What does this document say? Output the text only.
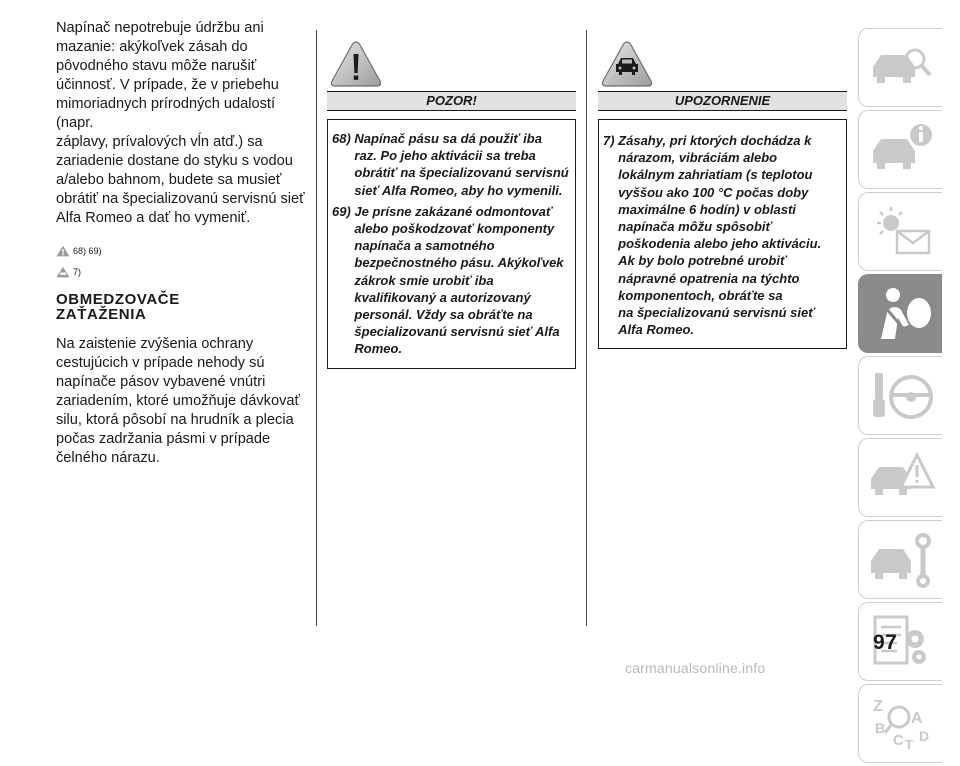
Napínač nepotrebuje údržbu ani
mazanie: akýkoľvek zásah do
pôvodného stavu môže narušiť
účinnosť. V prípade, že v priebehu
mimoriadnych prírodných udalostí (napr.
záplavy, prívalových vĺn atď.) sa
zariadenie dostane do styku s vodou
a/alebo bahnom, budete sa musieť
obrátiť na špecializovanú servisnú sieť
Alfa Romeo a dať ho vymeniť.

68) 69)
7)
OBMEDZOVAČE
ZAŤAŽENIA

Na zaistenie zvýšenia ochrany
cestujúcich v prípade nehody sú
napínače pásov vybavené vnútri
zariadením, ktoré umožňuje dávkovať
silu, ktorá pôsobí na hrudník a plecia
počas zadržania pásmi v prípade
čelného nárazu.

POZOR!
68) Napínač pásu sa dá použiť iba
raz. Po jeho aktivácii sa treba
obrátiť na špecializovanú servisnú
sieť Alfa Romeo, aby ho vymenili.
69) Je prísne zakázané odmontovať
alebo poškodzovať komponenty
napínača a samotného
bezpečnostného pásu. Akýkoľvek
zákrok smie urobiť iba
kvalifikovaný a autorizovaný
personál. Vždy sa obráťte na
špecializovanú servisnú sieť Alfa
Romeo.
UPOZORNENIE
7) Zásahy, pri ktorých dochádza k
nárazom, vibráciám alebo
lokálnym zahriatiam (s teplotou
vyššou ako 100 °C počas doby
maximálne 6 hodín) v oblasti
napínača môžu spôsobiť
poškodenia alebo jeho aktiváciu.
Ak by bolo potrebné urobiť
nápravné opatrenia na týchto
komponentoch, obráťte sa
na špecializovanú servisnú sieť
Alfa Romeo.
Z
A
B
C T
D
97
carmanualsonline.info
